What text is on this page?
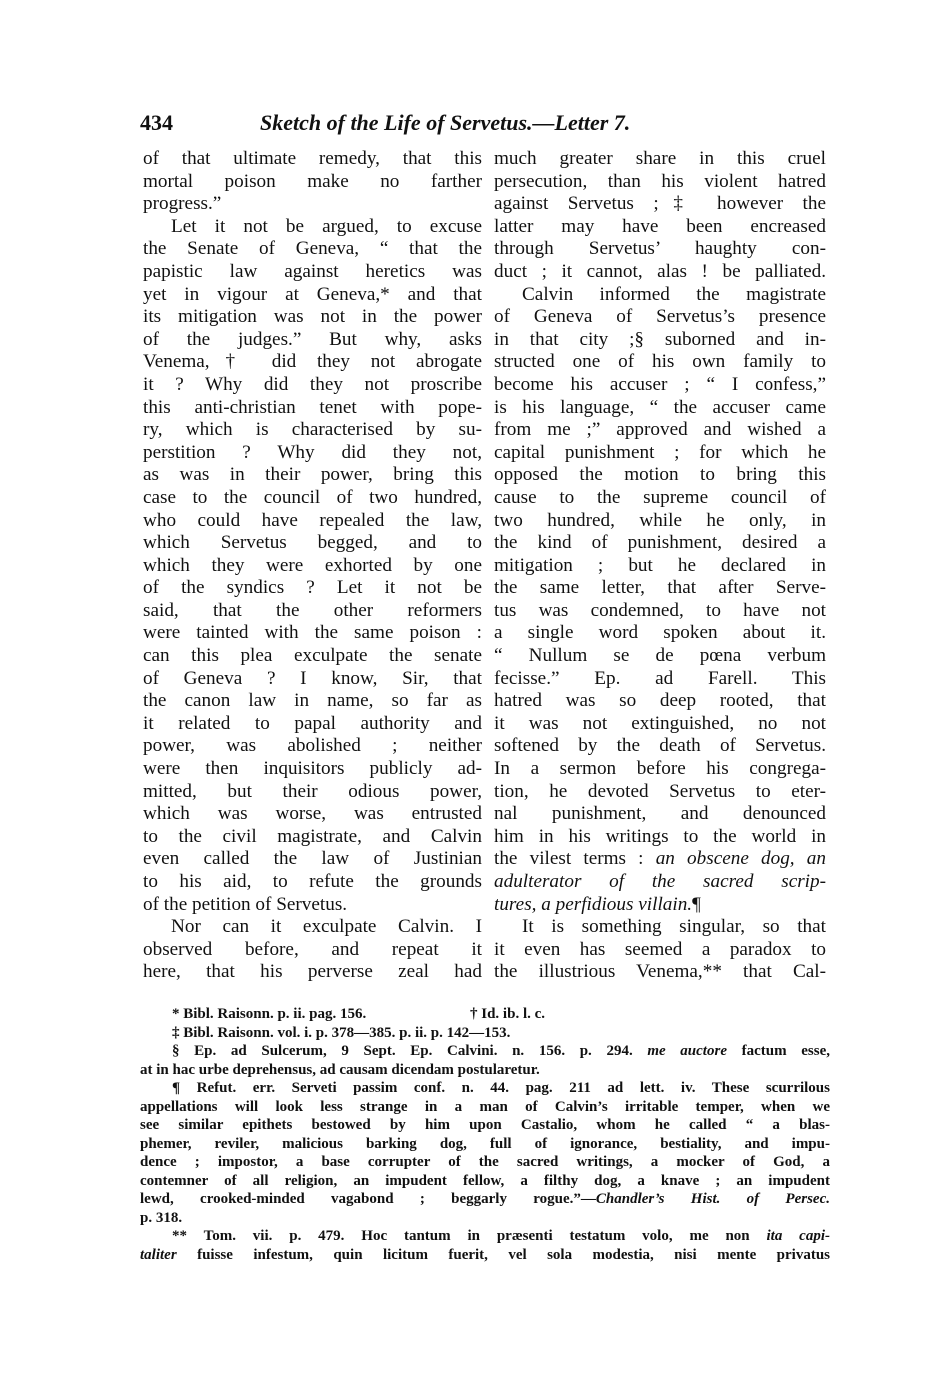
434	Sketch of the Life of Servetus.—Letter 7.
of that ultimate remedy, that this
mortal poison make no farther
progress.”
Let it not be argued, to excuse
the Senate of Geneva, “ that the
papistic law against heretics was
yet in vigour at Geneva,* and that
its mitigation was not in the power
of the judges.” But why, asks
Venema,† did they not abrogate
it ? Why did they not proscribe
this anti-christian tenet with pope-
ry, which is characterised by su-
perstition ? Why did they not,
as was in their power, bring this
case to the council of two hundred,
who could have repealed the law,
which Servetus begged, and to
which they were exhorted by one
of the syndics ? Let it not be
said, that the other reformers
were tainted with the same poison :
can this plea exculpate the senate
of Geneva ? I know, Sir, that
the canon law in name, so far as
it related to papal authority and
power, was abolished ; neither
were then inquisitors publicly ad-
mitted, but their odious power,
which was worse, was entrusted
to the civil magistrate, and Calvin
even called the law of Justinian
to his aid, to refute the grounds
of the petition of Servetus.
Nor can it exculpate Calvin. I
observed before, and repeat it
here, that his perverse zeal had
much greater share in this cruel
persecution, than his violent hatred
against Servetus ;‡ however the
latter may have been encreased
through Servetus’ haughty con-
duct ; it cannot, alas ! be palliated.
Calvin informed the magistrate
of Geneva of Servetus’s presence
in that city ;§ suborned and in-
structed one of his own family to
become his accuser ; “ I confess,”
is his language, “ the accuser came
from me ;” approved and wished a
capital punishment ; for which he
opposed the motion to bring this
cause to the supreme council of
two hundred, while he only, in
the kind of punishment, desired a
mitigation ; but he declared in
the same letter, that after Serve-
tus was condemned, to have not
a single word spoken about it.
“ Nullum se de pœna verbum
fecisse.” Ep. ad Farell. This
hatred was so deep rooted, that
it was not extinguished, no not
softened by the death of Servetus.
In a sermon before his congrega-
tion, he devoted Servetus to eter-
nal punishment, and denounced
him in his writings to the world in
the vilest terms : an obscene dog, an
adulterator of the sacred scrip-
tures, a perfidious villain.¶
It is something singular, so that
it even has seemed a paradox to
the illustrious Venema,** that Cal-
* Bibl. Raisonn. p. ii. pag. 156.	† Id. ib. l. c.
‡ Bibl. Raisonn. vol. i. p. 378—385. p. ii. p. 142—153.
§ Ep. ad Sulcerum, 9 Sept. Ep. Calvini. n. 156. p. 294. me auctore factum esse,
at in hac urbe deprehensus, ad causam dicendam postularetur.
¶ Refut. err. Serveti passim conf. n. 44. pag. 211 ad lett. iv. These scurrilous
appellations will look less strange in a man of Calvin’s irritable temper, when we
see similar epithets bestowed by him upon Castalio, whom he called “ a blas-
phemer, reviler, malicious barking dog, full of ignorance, bestiality, and impu-
dence ; impostor, a base corrupter of the sacred writings, a mocker of God, a
contemner of all religion, an impudent fellow, a filthy dog, a knave ; an impudent
lewd, crooked-minded vagabond ; beggarly rogue.”—Chandler’s Hist. of Persec.
p. 318.
** Tom. vii. p. 479. Hoc tantum in præsenti testatum volo, me non ita capi-
taliter fuisse infestum, quin licitum fuerit, vel sola modestia, nisi mente privatus
